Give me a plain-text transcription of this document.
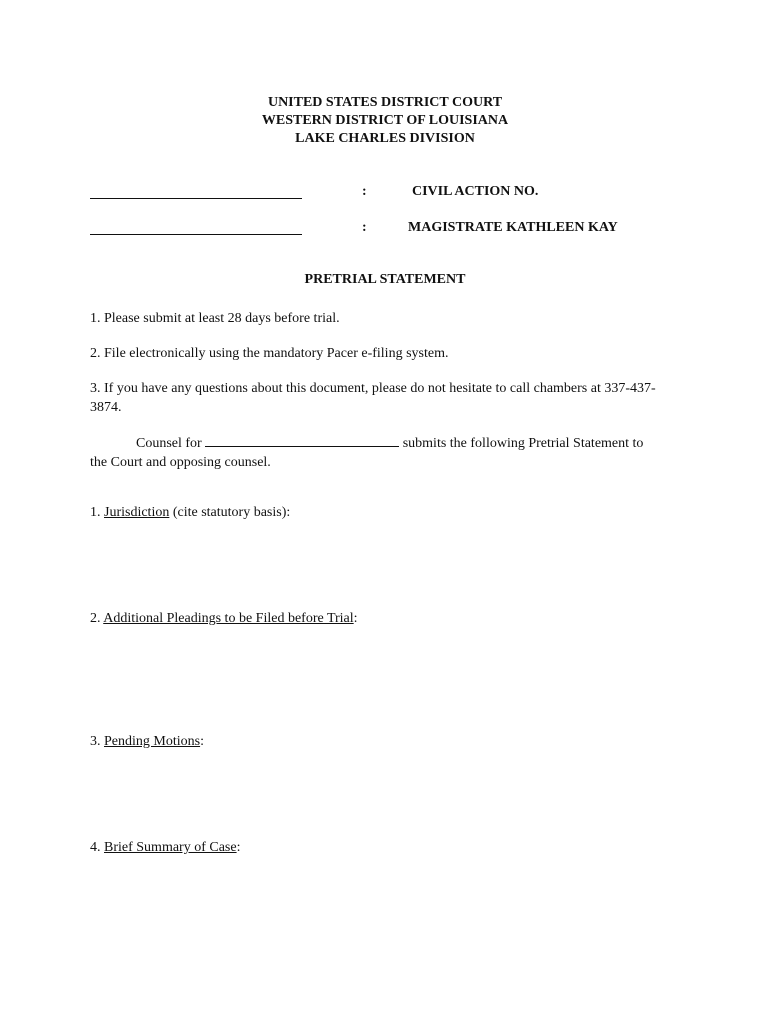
UNITED STATES DISTRICT COURT
WESTERN DISTRICT OF LOUISIANA
LAKE CHARLES DIVISION
:	CIVIL ACTION NO.
:	MAGISTRATE KATHLEEN KAY
PRETRIAL STATEMENT
1. Please submit at least 28 days before trial.
2. File electronically using the mandatory Pacer e-filing system.
3. If you have any questions about this document, please do not hesitate to call chambers at 337-437-3874.
Counsel for	submits the following Pretrial Statement to
the Court and opposing counsel.
1. Jurisdiction (cite statutory basis):
2. Additional Pleadings to be Filed before Trial:
3. Pending Motions:
4. Brief Summary of Case:
